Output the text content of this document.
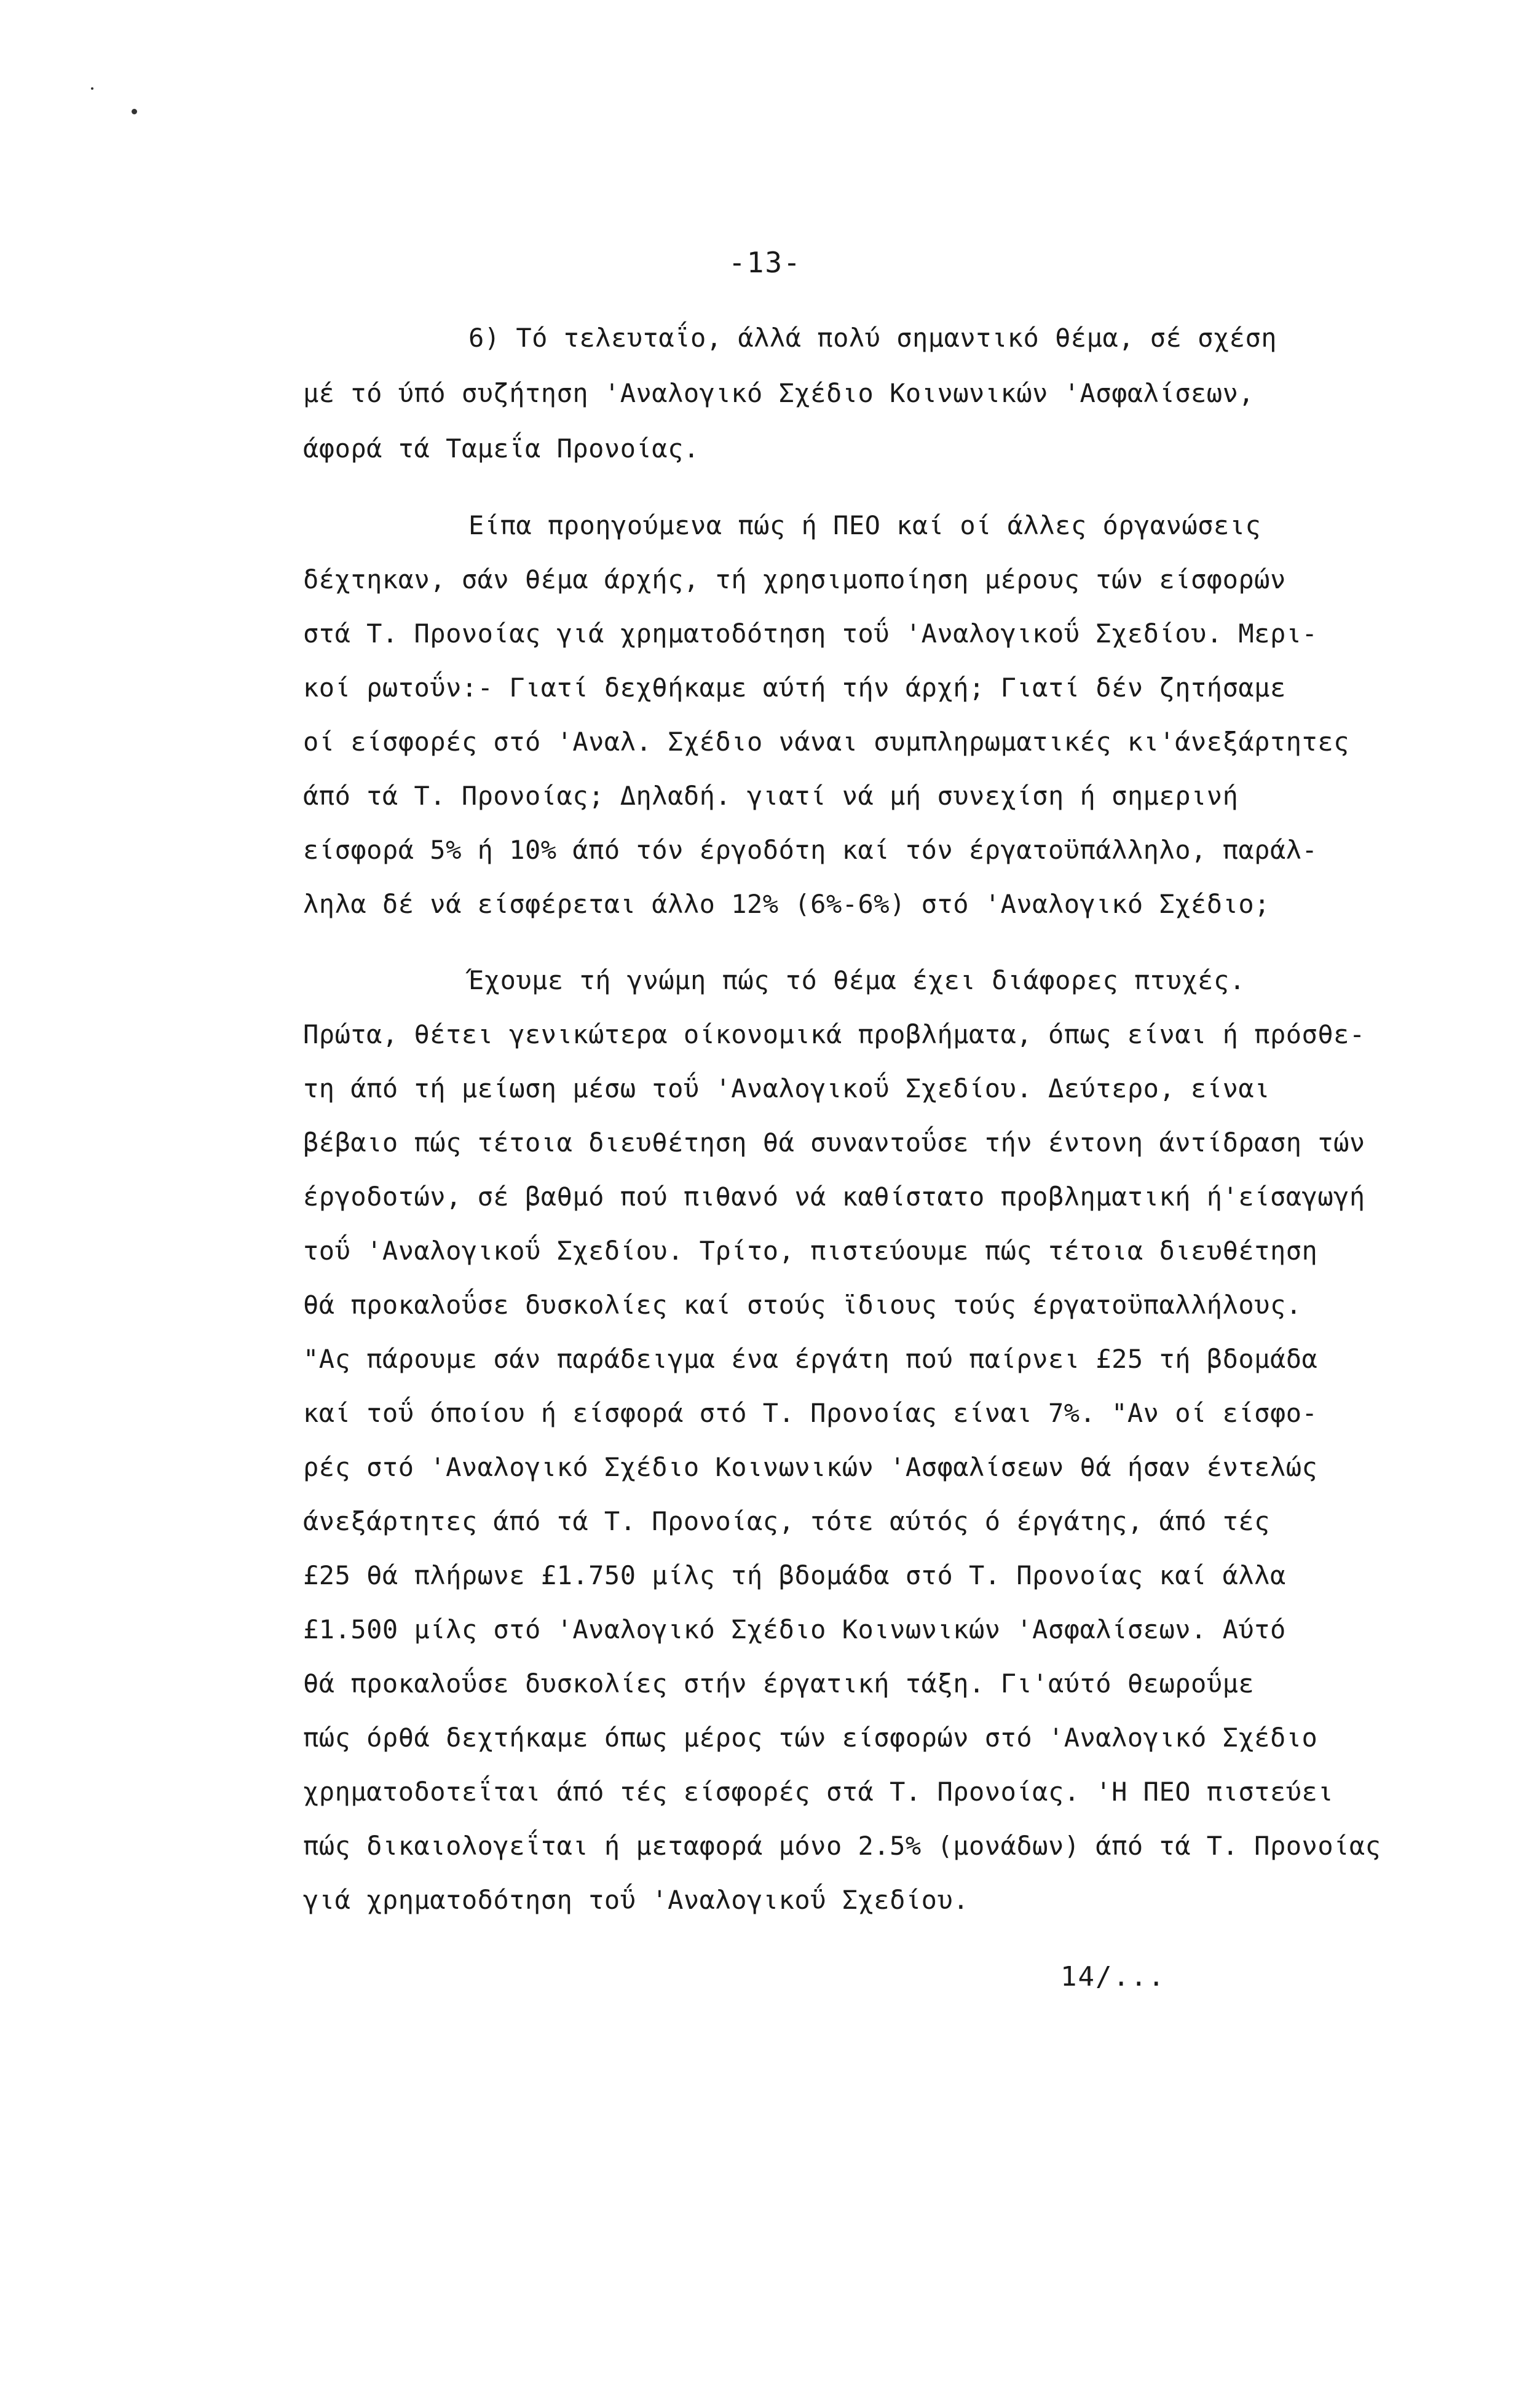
-13-
6) Τό τελευταΐο, άλλά πολύ σημαντικό θέμα, σέ σχέση
μέ τό ύπό συζήτηση 'Αναλογικό Σχέδιο Κοινωνικών 'Ασφαλίσεων,
άφορά τά Ταμεΐα Προνοίας.
Είπα προηγούμενα πώς ή ΠΕΟ καί οί άλλες όργανώσεις
δέχτηκαν, σάν θέμα άρχής, τή χρησιμοποίηση μέρους τών είσφορών
στά Τ. Προνοίας γιά χρηματοδότηση τοΰ 'Αναλογικοΰ Σχεδίου. Μερι-
κοί ρωτοΰν:- Γιατί δεχθήκαμε αύτή τήν άρχή; Γιατί δέν ζητήσαμε
οί είσφορές στό 'Αναλ. Σχέδιο νάναι συμπληρωματικές κι'άνεξάρτητες
άπό τά Τ. Προνοίας; Δηλαδή. γιατί νά μή συνεχίση ή σημερινή
είσφορά 5% ή 10% άπό τόν έργοδότη καί τόν έργατοϋπάλληλο, παράλ-
ληλα δέ νά είσφέρεται άλλο 12% (6%-6%) στό 'Αναλογικό Σχέδιο;
Έχουμε τή γνώμη πώς τό θέμα έχει διάφορες πτυχές.
Πρώτα, θέτει γενικώτερα οίκονομικά προβλήματα, όπως είναι ή πρόσθε-
τη άπό τή μείωση μέσω τοΰ 'Αναλογικοΰ Σχεδίου. Δεύτερο, είναι
βέβαιο πώς τέτοια διευθέτηση θά συναντοΰσε τήν έντονη άντίδραση τών
έργοδοτών, σέ βαθμό πού πιθανό νά καθίστατο προβληματική ή'είσαγωγή
τοΰ 'Αναλογικοΰ Σχεδίου. Τρίτο, πιστεύουμε πώς τέτοια διευθέτηση
θά προκαλοΰσε δυσκολίες καί στούς ϊδιους τούς έργατοϋπαλλήλους.
"Ας πάρουμε σάν παράδειγμα ένα έργάτη πού παίρνει £25 τή βδομάδα
καί τοΰ όποίου ή είσφορά στό Τ. Προνοίας είναι 7%. "Αν οί είσφο-
ρές στό 'Αναλογικό Σχέδιο Κοινωνικών 'Ασφαλίσεων θά ήσαν έντελώς
άνεξάρτητες άπό τά Τ. Προνοίας, τότε αύτός ό έργάτης, άπό τές
£25 θά πλήρωνε £1.750 μίλς τή βδομάδα στό Τ. Προνοίας καί άλλα
£1.500 μίλς στό 'Αναλογικό Σχέδιο Κοινωνικών 'Ασφαλίσεων. Αύτό
θά προκαλοΰσε δυσκολίες στήν έργατική τάξη. Γι'αύτό θεωροΰμε
πώς όρθά δεχτήκαμε όπως μέρος τών είσφορών στό 'Αναλογικό Σχέδιο
χρηματοδοτεΐται άπό τές είσφορές στά Τ. Προνοίας. 'Η ΠΕΟ πιστεύει
πώς δικαιολογεΐται ή μεταφορά μόνο 2.5% (μονάδων) άπό τά Τ. Προνοίας
γιά χρηματοδότηση τοΰ 'Αναλογικοΰ Σχεδίου.
14/...
